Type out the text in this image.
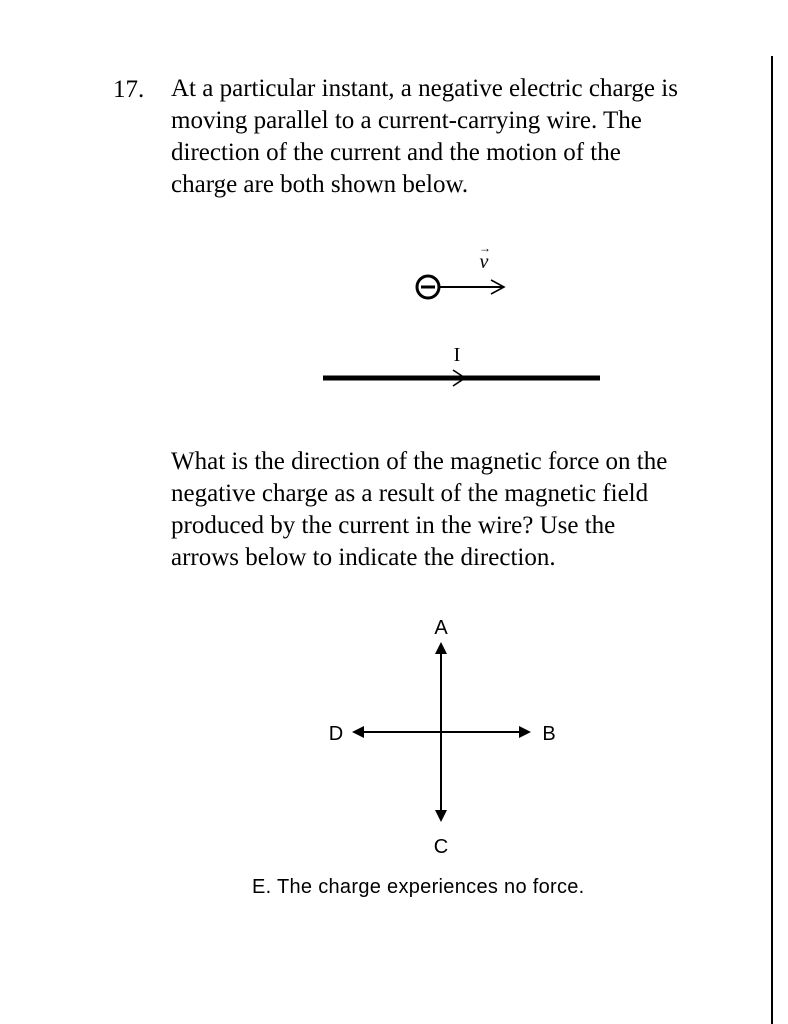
17. At a particular instant, a negative electric charge is
moving parallel to a current-carrying wire. The
direction of the current and the motion of the
charge are both shown below.
v
→
I
A
B
C
D
What is the direction of the magnetic force on the
negative charge as a result of the magnetic field
produced by the current in the wire? Use the
arrows below to indicate the direction.
E. The charge experiences no force.
